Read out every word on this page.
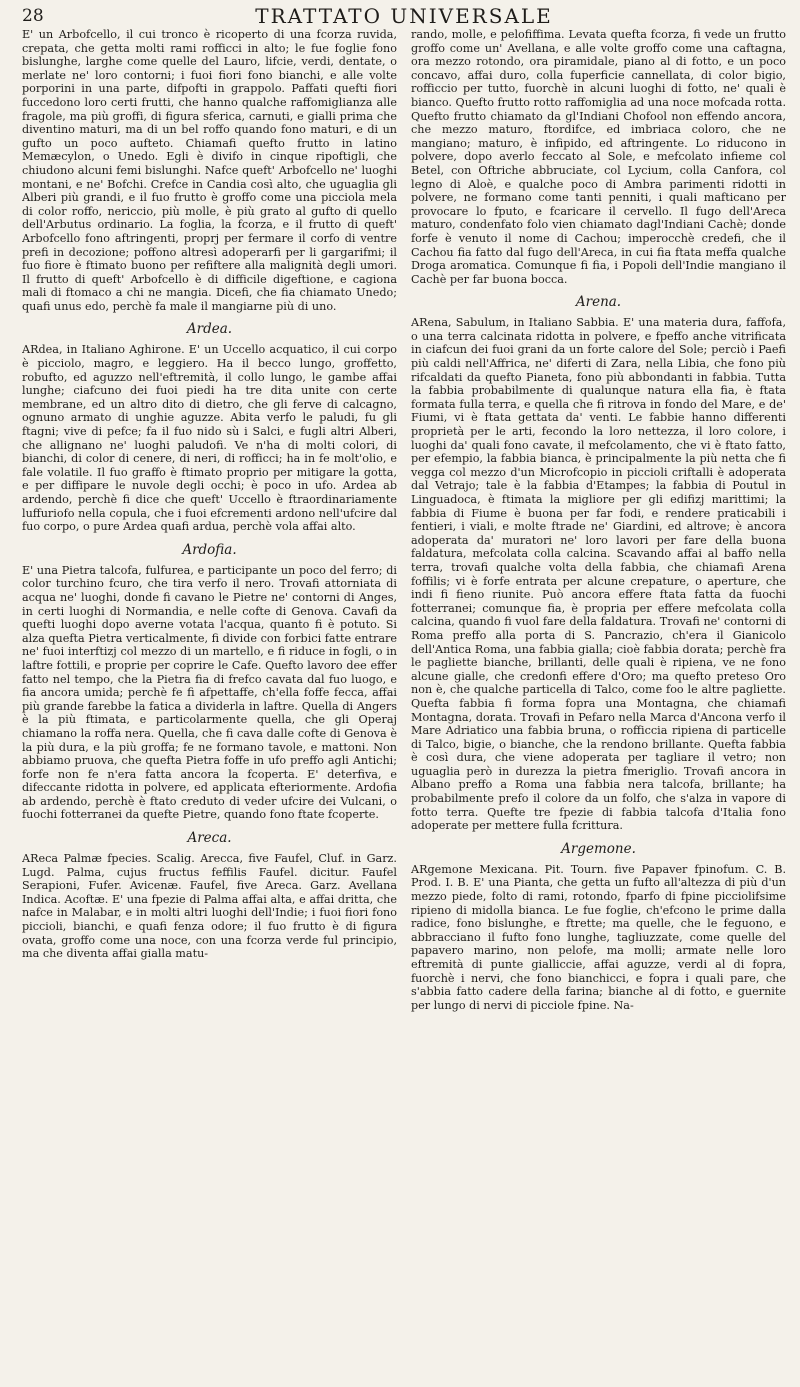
28	TRATTATO UNIVERSALE

E' un Arbofcello, il cui tronco è ricoperto di una fcorza ruvida, crepata, che getta molti rami rofficci in alto; le fue foglie fono bislunghe, larghe come quelle del Lauro, lifcie, verdi, dentate, o merlate ne' loro contorni; i fuoi fiori fono bianchi, e alle volte porporini in una parte, difpofti in grappolo. Paffati quefti fiori fuccedono loro certi frutti, che hanno qualche raffomiglianza alle fragole, ma più groffi, di figura sferica, carnuti, e gialli prima che diventino maturi, ma di un bel roffo quando fono maturi, e di un gufto un poco aufteto. Chiamafi quefto frutto in latino Memæcylon, o Unedo. Egli è divifo in cinque ripoftigli, che chiudono alcuni femi bislunghi. Nafce queft' Arbofcello ne' luoghi montani, e ne' Bofchi. Crefce in Candia così alto, che uguaglia gli Alberi più grandi, e il fuo frutto è groffo come una picciola mela di color roffo, nericcio, più molle, è più grato al gufto di quello dell'Arbutus ordinario. La foglia, la fcorza, e il frutto di queft' Arbofcello fono aftringenti, proprj per fermare il corfo di ventre prefi in decozione; poffono altresì adoperarfi per li gargarifmi; il fuo fiore è ftimato buono per refiftere alla malignità degli umori. Il frutto di queft' Arbofcello è di difficile digeftione, e cagiona mali di ftomaco a chi ne mangia. Dicefi, che fia chiamato Unedo; quafi unus edo, perchè fa male il mangiarne più di uno.

Ardea.

ARdea, in Italiano Aghirone. E' un Uccello acquatico, il cui corpo è picciolo, magro, e leggiero. Ha il becco lungo, groffetto, robufto, ed aguzzo nell'eftremità, il collo lungo, le gambe affai lunghe; ciafcuno dei fuoi piedi ha tre dita unite con certe membrane, ed un altro dito di dietro, che gli ferve di calcagno, ognuno armato di unghie aguzze. Abita verfo le paludi, fu gli ftagni; vive di pefce; fa il fuo nido sù i Salci, e fugli altri Alberi, che allignano ne' luoghi paludofi. Ve n'ha di molti colori, di bianchi, di color di cenere, di neri, di rofficci; ha in fe molt'olio, e fale volatile. Il fuo graffo è ftimato proprio per mitigare la gotta, e per diffipare le nuvole degli occhi; è poco in ufo. Ardea ab ardendo, perchè fi dice che queft' Uccello è ftraordinariamente luffuriofo nella copula, che i fuoi efcrementi ardono nell'ufcire dal fuo corpo, o pure Ardea quafi ardua, perchè vola affai alto.

Ardofia.

E' una Pietra talcofa, fulfurea, e participante un poco del ferro; di color turchino fcuro, che tira verfo il nero. Trovafi attorniata di acqua ne' luoghi, donde fi cavano le Pietre ne' contorni di Anges, in certi luoghi di Normandia, e nelle cofte di Genova. Cavafi da quefti luoghi dopo averne votata l'acqua, quanto fi è potuto. Si alza quefta Pietra verticalmente, fi divide con forbici fatte entrare ne' fuoi interftizj col mezzo di un martello, e fi riduce in fogli, o in laftre fottili, e proprie per coprire le Cafe. Quefto lavoro dee effer fatto nel tempo, che la Pietra fia di frefco cavata dal fuo luogo, e fia ancora umida; perchè fe fi afpettaffe, ch'ella foffe fecca, affai più grande farebbe la fatica a dividerla in laftre. Quella di Angers è la più ftimata, e particolarmente quella, che gli Operaj chiamano la roffa nera. Quella, che fi cava dalle cofte di Genova è la più dura, e la più groffa; fe ne formano tavole, e mattoni. Non abbiamo pruova, che quefta Pietra foffe in ufo preffo agli Antichi; forfe non fe n'era fatta ancora la fcoperta. E' deterfiva, e difeccante ridotta in polvere, ed applicata efteriormente. Ardofia ab ardendo, perchè è ftato creduto di veder ufcire dei Vulcani, o fuochi fotterranei da quefte Pietre, quando fono ftate fcoperte.

Areca.

AReca Palmæ fpecies. Scalig. Arecca, five Faufel, Cluf. in Garz. Lugd. Palma, cujus fructus feffilis Faufel. dicitur. Faufel Serapioni, Fufer. Avicenæ. Faufel, five Areca. Garz. Avellana Indica. Acoftæ. E' una fpezie di Palma affai alta, e affai dritta, che nafce in Malabar, e in molti altri luoghi dell'Indie; i fuoi fiori fono piccioli, bianchi, e quafi fenza odore; il fuo frutto è di figura ovata, groffo come una noce, con una fcorza verde ful principio, ma che diventa affai gialla matu-

rando, molle, e pelofiffima. Levata quefta fcorza, fi vede un frutto groffo come un' Avellana, e alle volte groffo come una caftagna, ora mezzo rotondo, ora piramidale, piano al di fotto, e un poco concavo, affai duro, colla fuperficie cannellata, di color bigio, rofficcio per tutto, fuorchè in alcuni luoghi di fotto, ne' quali è bianco. Quefto frutto rotto raffomiglia ad una noce mofcada rotta. Quefto frutto chiamato da gl'Indiani Chofool non effendo ancora, che mezzo maturo, ftordifce, ed imbriaca coloro, che ne mangiano; maturo, è infipido, ed aftringente. Lo riducono in polvere, dopo averlo feccato al Sole, e mefcolato infieme col Betel, con Oftriche abbruciate, col Lycium, colla Canfora, col legno di Aloè, e qualche poco di Ambra parimenti ridotti in polvere, ne formano come tanti penniti, i quali mafticano per provocare lo fputo, e fcaricare il cervello. Il fugo dell'Areca maturo, condenfato folo vien chiamato dagl'Indiani Cachè; donde forfe è venuto il nome di Cachou; imperocchè credefi, che il Cachou fia fatto dal fugo dell'Areca, in cui fia ftata meffa qualche Droga aromatica. Comunque fi fia, i Popoli dell'Indie mangiano il Cachè per far buona bocca.

Arena.

ARena, Sabulum, in Italiano Sabbia. E' una materia dura, faffofa, o una terra calcinata ridotta in polvere, e fpeffo anche vitrificata in ciafcun dei fuoi grani da un forte calore del Sole; perciò i Paefi più caldi nell'Affrica, ne' diferti di Zara, nella Libia, che fono più rifcaldati da quefto Pianeta, fono più abbondanti in fabbia. Tutta la fabbia probabilmente di qualunque natura ella fia, è ftata formata fulla terra, e quella che fi ritrova in fondo del Mare, e de' Fiumi, vi è ftata gettata da' venti. Le fabbie hanno differenti proprietà per le arti, fecondo la loro nettezza, il loro colore, i luoghi da' quali fono cavate, il mefcolamento, che vi è ftato fatto, per efempio, la fabbia bianca, è principalmente la più netta che fi vegga col mezzo d'un Microfcopio in piccioli criftalli è adoperata dal Vetrajo; tale è la fabbia d'Etampes; la fabbia di Poutul in Linguadoca, è ftimata la migliore per gli edifizj marittimi; la fabbia di Fiume è buona per far fodi, e rendere praticabili i fentieri, i viali, e molte ftrade ne' Giardini, ed altrove; è ancora adoperata da' muratori ne' loro lavori per fare della buona faldatura, mefcolata colla calcina. Scavando affai al baffo nella terra, trovafi qualche volta della fabbia, che chiamafi Arena foffilis; vi è forfe entrata per alcune crepature, o aperture, che indi fi fieno riunite. Può ancora effere ftata fatta da fuochi fotterranei; comunque fia, è propria per effere mefcolata colla calcina, quando fi vuol fare della faldatura. Trovafi ne' contorni di Roma preffo alla porta di S. Pancrazio, ch'era il Gianicolo dell'Antica Roma, una fabbia gialla; cioè fabbia dorata; perchè fra le pagliette bianche, brillanti, delle quali è ripiena, ve ne fono alcune gialle, che credonfi effere d'Oro; ma quefto preteso Oro non è, che qualche particella di Talco, come foo le altre pagliette. Quefta fabbia fi forma fopra una Montagna, che chiamafi Montagna, dorata. Trovafi in Pefaro nella Marca d'Ancona verfo il Mare Adriatico una fabbia bruna, o rofficcia ripiena di particelle di Talco, bigie, o bianche, che la rendono brillante. Quefta fabbia è così dura, che viene adoperata per tagliare il vetro; non uguaglia però in durezza la pietra fmeriglio. Trovafi ancora in Albano preffo a Roma una fabbia nera talcofa, brillante; ha probabilmente prefo il colore da un folfo, che s'alza in vapore di fotto terra. Quefte tre fpezie di fabbia talcofa d'Italia fono adoperate per mettere fulla fcrittura.

Argemone.

ARgemone Mexicana. Pit. Tourn. five Papaver fpinofum. C. B. Prod. I. B. E' una Pianta, che getta un fufto all'altezza di più d'un mezzo piede, folto di rami, rotondo, fparfo di fpine picciolifsime ripieno di midolla bianca. Le fue foglie, ch'efcono le prime dalla radice, fono bislunghe, e ftrette; ma quelle, che le feguono, e abbracciano il fufto fono lunghe, tagliuzzate, come quelle del papavero marino, non pelofe, ma molli; armate nelle loro eftremità di punte gialliccie, affai aguzze, verdi al di fopra, fuorchè i nervi, che fono bianchicci, e fopra i quali pare, che s'abbia fatto cadere della farina; bianche al di fotto, e guernite per lungo di nervi di picciole fpine. Na-
